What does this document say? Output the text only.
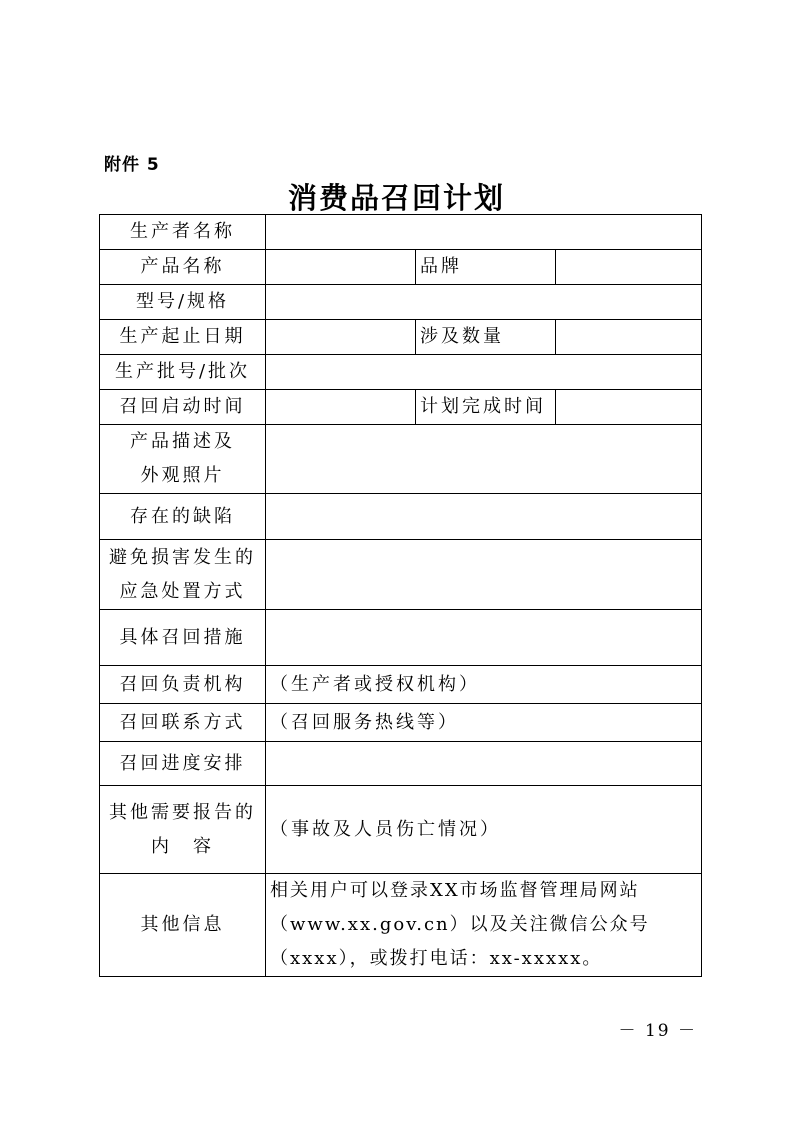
附件 5
消费品召回计划
生产者名称			
产品名称		品牌	
型号/规格			
生产起止日期		涉及数量	
生产批号/批次			
召回启动时间		计划完成时间	

产品描述及
外观照片			

存在的缺陷			

避免损害发生的
应急处置方式			

具体召回措施			
召回负责机构	（生产者或授权机构）		
召回联系方式	（召回服务热线等）		
召回进度安排			

其他需要报告的
内　容	（事故及人员伤亡情况）		
其他信息	相关用户可以登录XX市场监督管理局网站
（www.xx.gov.cn）以及关注微信公众号
（xxxx），或拨打电话：xx-xxxxx。		
－ 19 －
